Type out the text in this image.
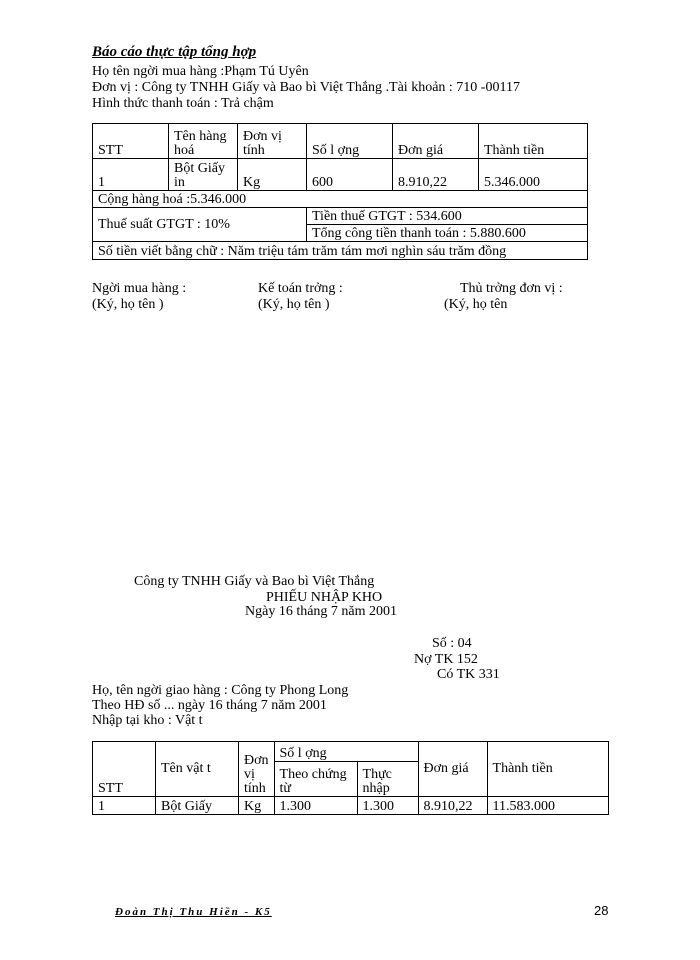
Báo cáo thực tập tổng hợp
Họ tên ngời mua hàng :Phạm Tú Uyên
Đơn vị : Công ty TNHH Giấy và Bao bì Việt Thắng .Tài khoản : 710 -00117
Hình thức thanh toán : Trả chậm
STT	Tên hàng hoá	Đơn vị tính	Số l ợng	Đơn giá	Thành tiền
1	Bột Giấy in	Kg	600	8.910,22	5.346.000
Cộng hàng hoá :5.346.000					
Thuế suất GTGT : 10%			Tiền thuế GTGT : 534.600		
			Tổng công tiền thanh toán : 5.880.600		
Số tiền viết bằng chữ : Năm triệu tám trăm tám mơi nghìn sáu trăm đồng					
Ngời mua hàng :
(Ký, họ tên )
Kế toán trởng :
(Ký, họ tên )
Thủ trởng đơn vị :
(Ký, họ tên
Công ty TNHH Giấy và Bao bì Việt Thắng
PHIẾU NHẬP KHO
Ngày 16 tháng 7 năm 2001
Số : 04
Nợ TK 152
Có TK 331
Họ, tên ngời giao hàng : Công ty Phong Long
Theo HĐ số ... ngày 16 tháng 7 năm 2001
Nhập tại kho : Vật t
STT	Tên vật t	Đơn vị tính	Số l ợng		Đơn giá	Thành tiền
			Theo chứng từ	Thực nhập		
1	Bột Giấy	Kg	1.300	1.300	8.910,22	11.583.000
Đoàn Thị Thu Hiền - K5	28
